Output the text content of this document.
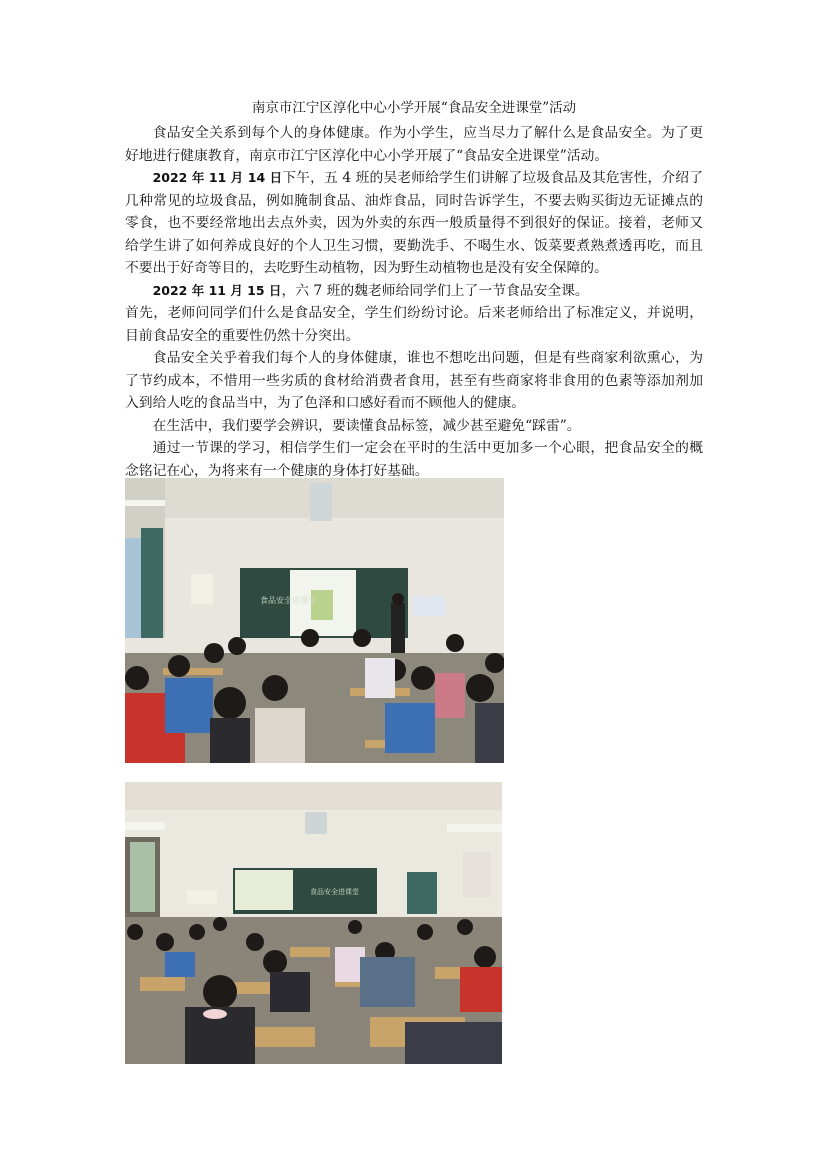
南京市江宁区淳化中心小学开展“食品安全进课堂”活动

食品安全关系到每个人的身体健康。作为小学生，应当尽力了解什么是食品安全。为了更好地进行健康教育，南京市江宁区淳化中心小学开展了“食品安全进课堂”活动。

2022 年 11 月 14 日下午，五 4 班的吴老师给学生们讲解了垃圾食品及其危害性，介绍了几种常见的垃圾食品，例如腌制食品、油炸食品，同时告诉学生，不要去购买街边无证摊点的零食，也不要经常地出去点外卖，因为外卖的东西一般质量得不到很好的保证。接着，老师又给学生讲了如何养成良好的个人卫生习惯，要勤洗手、不喝生水、饭菜要煮熟煮透再吃，而且不要出于好奇等目的，去吃野生动植物，因为野生动植物也是没有安全保障的。

2022 年 11 月 15 日，六 7 班的魏老师给同学们上了一节食品安全课。

首先，老师问同学们什么是食品安全，学生们纷纷讨论。后来老师给出了标准定义，并说明，目前食品安全的重要性仍然十分突出。

食品安全关乎着我们每个人的身体健康，谁也不想吃出问题，但是有些商家利欲熏心，为了节约成本，不惜用一些劣质的食材给消费者食用，甚至有些商家将非食用的色素等添加剂加入到给人吃的食品当中，为了色泽和口感好看而不顾他人的健康。

在生活中，我们要学会辨识，要读懂食品标签，减少甚至避免“踩雷”。

通过一节课的学习，相信学生们一定会在平时的生活中更加多一个心眼，把食品安全的概念铭记在心，为将来有一个健康的身体打好基础。

食品安全进课堂
食品安全进课堂
